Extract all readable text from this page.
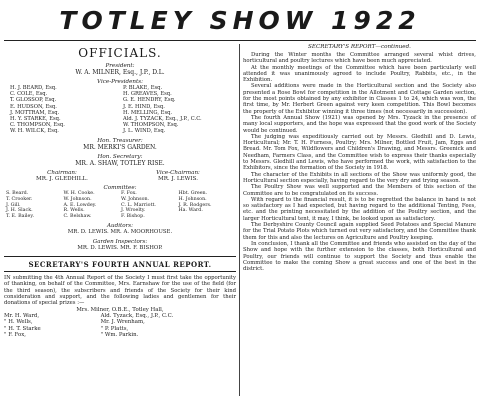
TOTLEY SHOW 1922
OFFICIALS.
President:
W. A. MILNER, Esq., J.P., D.L.
Vice-Presidents:
H. J. BEARD, Esq.	P. BLAKE, Esq.
C. COLE, Esq.	H. GREAVES, Esq.
T. GLOSSOP, Esq.	G. E. HENDRY, Esq.
E. HUDSON, Esq.	J. E. HIND, Esq.
J. MOTTRAM, Esq.	H. MELLING, Esq.
H. Y. STARKE, Esq.	Ald. J. TYZACK, Esq., J.P., C.C.
C. THOMPSON, Esq.	W. THOMPSON, Esq.
W. H. WILCK, Esq.	J. L. WIND, Esq.
Hon. Treasurer:
MR. MERKI'S GARDEN.
Hon. Secretary:
MR. A. SHAW, TOTLEY RISE.
Chairman:	Vice-Chairman:
MR. J. GLEDHILL.	MR. J. LEWIS.
Committee:
S. Beard.	W. H. Cooke.	F. Fox.	Hbt. Green.
T. Crooker.	W. Johnson.	W. Johnson.	H. Johnson.
J. Gill.	A. E. Lowdey.	C. L. Marriott.	J. R. Rodgers.
J. H. Slack.	R. Wells.	J. Wroelty.	Ha. Ward.
T. E. Bailey.	C. Belshaw.	F. Bishop.
Auditors:
MR. D. LEWIS. MR. A. MOORHOUSE.
Garden Inspectors:
MR. D. LEWIS. MR. F. BISHOP.
SECRETARY'S FOURTH ANNUAL REPORT.

IN submitting the 4th Annual Report of the Society I must first take the opportunity of thanking, on behalf of the Committee, Mrs. Earnshaw for the use of the field (for the third season), the subscribers and friends of the Society for their kind consideration and support, and the following ladies and gentlemen for their donations of special prizes :—

Mrs. Milner, O.B.E., Totley Hall,
Mr. H. Ward,	Ald. Tyzack, Esq., J.P., C.C.
" H. Wells,	Mr. J. Wrenham,
" H. T. Starke	" P. Platts,
" F. Fox,	" Wm. Parkin.
SECRETARY'S REPORT—continued.

During the Winter months the Committee arranged several whist drives, horticultural and poultry lectures which have been much appreciated.

At the monthly meetings of the Committee which have been particularly well attended it was unanimously agreed to include Poultry, Rabbits, etc., in the Exhibition.

Several additions were made in the Horticultural section and the Society also presented a Rose Bowl for competition in the Allotment and Cottage Garden section, for the most points obtained by any exhibitor in Classes 1 to 24, which was won, the first time, by Mr. Herbert Green against very keen competition. This Bowl becomes the property of the Exhibitor winning it three times (not necessarily in succession).

The fourth Annual Show (1921) was opened by Mrs. Tyzack in the presence of many local supporters, and the hope was expressed that the good work of the Society would be continued.

The judging was expeditiously carried out by Messrs. Gledhill and D. Lewis, Horticultural; Mr. T. H. Furness, Poultry; Mrs. Milner, Bottled Fruit, Jam, Eggs and Bread. Mr. Tom Fox, Wildflowers and Children's Drawing, and Messrs. Greenick and Needham, Farmers Class, and the Committee wish to express their thanks especially to Messrs. Gledhill and Lewis, who have performed the work, with satisfaction to the Exhibitors, since the formation of the Society in 1918.

The character of the Exhibits in all sections of the Show was uniformly good, the Horticultural section especially, having regard to the very dry and trying season.

The Poultry Show was well supported and the Members of this section of the Committee are to be congratulated on its success.

With regard to the financial result, it is to be regretted the balance in hand is not so satisfactory as I had expected, but having regard to the additional Tenting, Fees, etc. and the printing necessitated by the addition of the Poultry section, and the larger Horticultural tent, it may, I think, be looked upon as satisfactory.

The Derbyshire County Council again supplied Seed Potatoes and Special Manure for the Trial Potato Plots which turned out very satisfactory, and the Committee thank them for this and also the lectures on Agriculture and Poultry keeping.

In conclusion, I thank all the Committee and friends who assisted on the day of the Show and hope with the further extension to the classes, both Horticultural and Poultry, our friends will continue to support the Society and thus enable the Committee to make the coming Show a great success and one of the best in the district.
